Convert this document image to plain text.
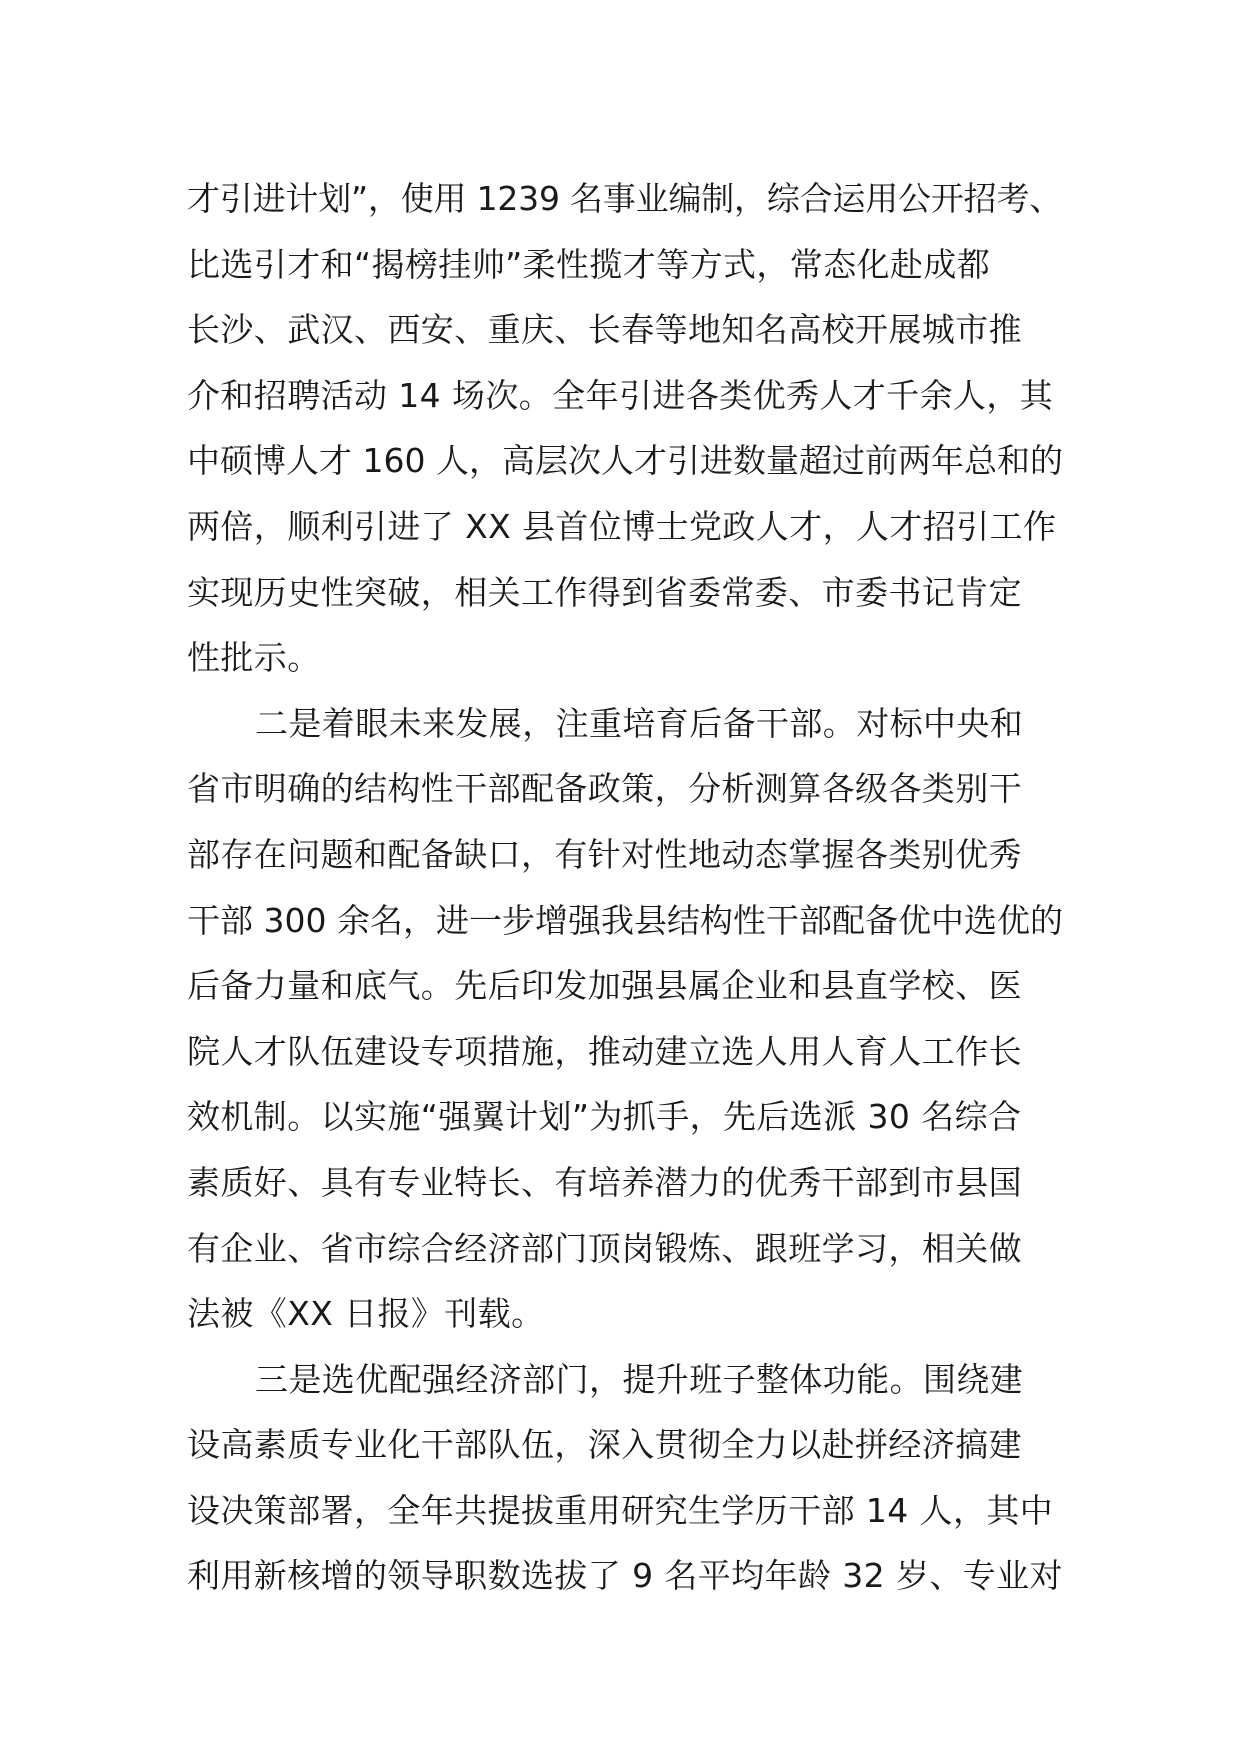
才引进计划”，使用 1239 名事业编制，综合运用公开招考、
比选引才和“揭榜挂帅”柔性揽才等方式，常态化赴成都
长沙、武汉、西安、重庆、长春等地知名高校开展城市推
介和招聘活动 14 场次。全年引进各类优秀人才千余人，其
中硕博人才 160 人，高层次人才引进数量超过前两年总和的
两倍，顺利引进了 XX 县首位博士党政人才，人才招引工作
实现历史性突破，相关工作得到省委常委、市委书记肯定
性批示。
二是着眼未来发展，注重培育后备干部。对标中央和
省市明确的结构性干部配备政策，分析测算各级各类别干
部存在问题和配备缺口，有针对性地动态掌握各类别优秀
干部 300 余名，进一步增强我县结构性干部配备优中选优的
后备力量和底气。先后印发加强县属企业和县直学校、医
院人才队伍建设专项措施，推动建立选人用人育人工作长
效机制。以实施“强翼计划”为抓手，先后选派 30 名综合
素质好、具有专业特长、有培养潜力的优秀干部到市县国
有企业、省市综合经济部门顶岗锻炼、跟班学习，相关做
法被《XX 日报》刊载。
三是选优配强经济部门，提升班子整体功能。围绕建
设高素质专业化干部队伍，深入贯彻全力以赴拼经济搞建
设决策部署，全年共提拔重用研究生学历干部 14 人，其中
利用新核增的领导职数选拔了 9 名平均年龄 32 岁、专业对
